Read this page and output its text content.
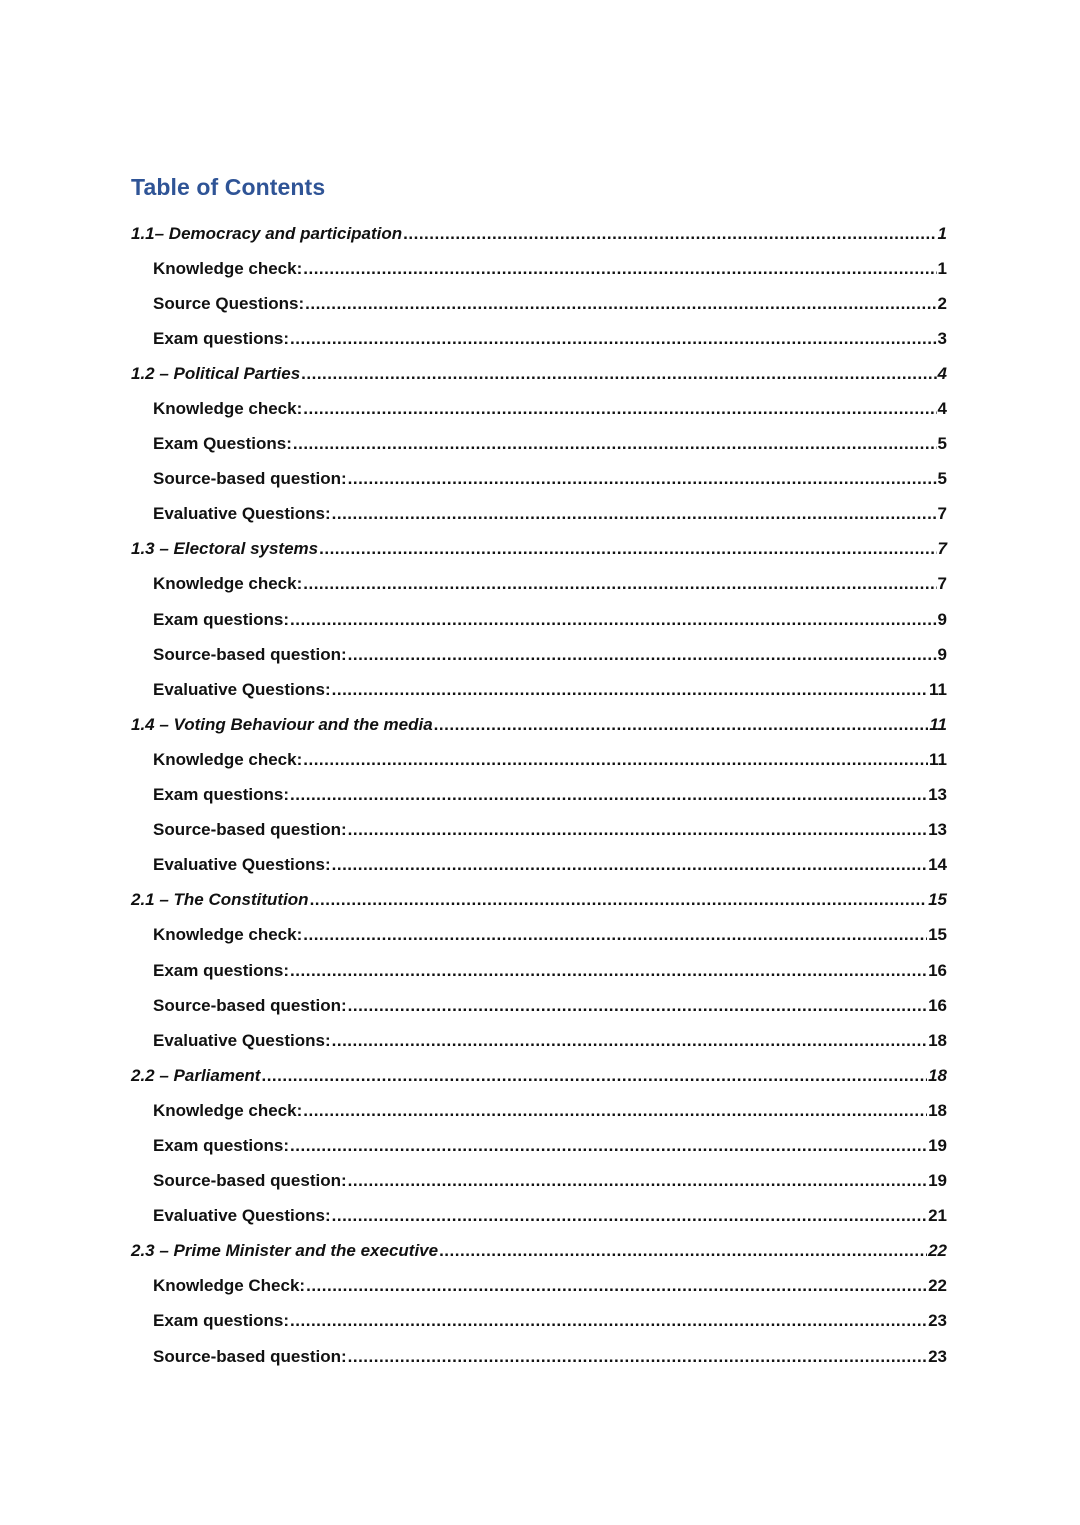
Table of Contents
1.1– Democracy and participation .....	1
Knowledge check: .....	1
Source Questions: .....	2
Exam questions: .....	3
1.2 – Political Parties .....	4
Knowledge check: .....	4
Exam Questions: .....	5
Source-based question: .....	5
Evaluative Questions: .....	7
1.3 – Electoral systems .....	7
Knowledge check: .....	7
Exam questions: .....	9
Source-based question: .....	9
Evaluative Questions: .....	11
1.4 – Voting Behaviour and the media .....	11
Knowledge check: .....	11
Exam questions: .....	13
Source-based question: .....	13
Evaluative Questions: .....	14
2.1 – The Constitution .....	15
Knowledge check: .....	15
Exam questions: .....	16
Source-based question: .....	16
Evaluative Questions: .....	18
2.2 – Parliament .....	18
Knowledge check: .....	18
Exam questions: .....	19
Source-based question: .....	19
Evaluative Questions: .....	21
2.3 – Prime Minister and the executive .....	22
Knowledge Check: .....	22
Exam questions: .....	23
Source-based question: .....	23
